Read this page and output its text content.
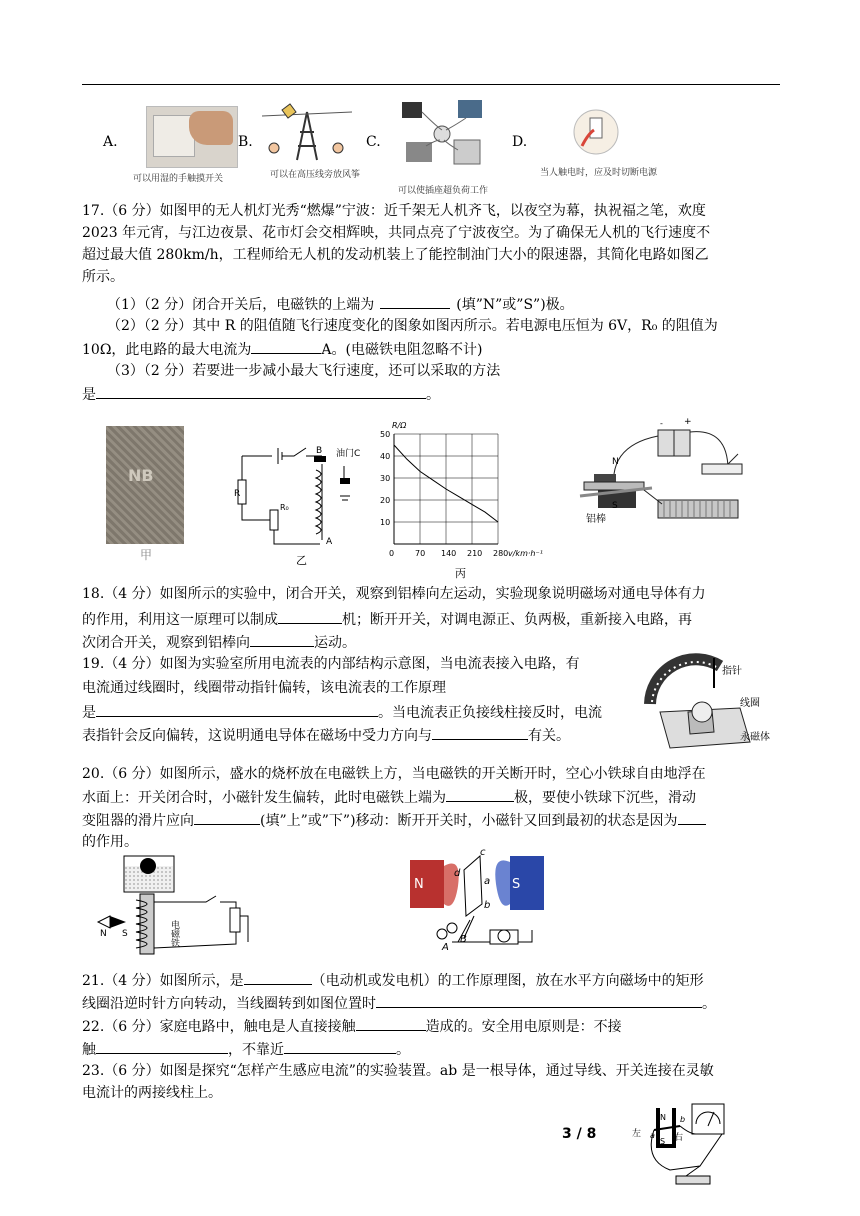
A.
可以用湿的手触摸开关
B.
可以在高压线旁放风筝
C.
可以使插座超负荷工作
D.
当人触电时，应及时切断电源
17.（6 分）如图甲的无人机灯光秀“燃爆”宁波：近千架无人机齐飞，以夜空为幕，执祝福之笔，欢度
2023 年元宵，与江边夜景、花市灯会交相辉映，共同点亮了宁波夜空。为了确保无人机的飞行速度不
超过最大值 280km/h，工程师给无人机的发动机装上了能控制油门大小的限速器，其简化电路如图乙
所示。
（1）（2 分）闭合开关后，电磁铁的上端为	(填”N”或”S”)极。
（2）（2 分）其中 R 的阻值随飞行速度变化的图象如图丙所示。若电源电压恒为 6V，R₀ 的阻值为
10Ω，此电路的最大电流为	A。(电磁铁电阻忽略不计)
（3）（2 分）若要进一步减小最大飞行速度，还可以采取的方法
是	。
NB
甲
R
R₀
B
A
油门C
乙
0	70 140 210 280
10
20
30
40
50
R/Ω
v/km·h⁻¹
丙
- +
N
S
铝棒
18.（4 分）如图所示的实验中，闭合开关，观察到铝棒向左运动，实验现象说明磁场对通电导体有力
的作用，利用这一原理可以制成	机；断开开关，对调电源正、负两极，重新接入电路，再
次闭合开关，观察到铝棒向	运动。
19.（4 分）如图为实验室所用电流表的内部结构示意图，当电流表接入电路，有
电流通过线圈时，线圈带动指针偏转，该电流表的工作原理
是	。当电流表正负接线柱接反时，电流
表指针会反向偏转，这说明通电导体在磁场中受力方向与	有关。
指针
线圈
永磁体
20.（6 分）如图所示，盛水的烧杯放在电磁铁上方，当电磁铁的开关断开时，空心小铁球自由地浮在
水面上：开关闭合时，小磁针发生偏转，此时电磁铁上端为	极，要使小铁球下沉些，滑动
变阻器的滑片应向	(填”上”或”下”)移动：断开开关时，小磁针又回到最初的状态是因为
的作用。
N S	电磁铁
N	S
c
d
b
a
A
B
21.（4 分）如图所示，是	（电动机或发电机）的工作原理图，放在水平方向磁场中的矩形
线圈沿逆时针方向转动，当线圈转到如图位置时	。
22.（6 分）家庭电路中，触电是人直接接触	造成的。安全用电原则是：不接
触	，不靠近	。
23.（6 分）如图是探究“怎样产生感应电流”的实验装置。ab 是一根导体，通过导线、开关连接在灵敏
电流计的两接线柱上。
左	右
N
S
a
b
3 / 8
